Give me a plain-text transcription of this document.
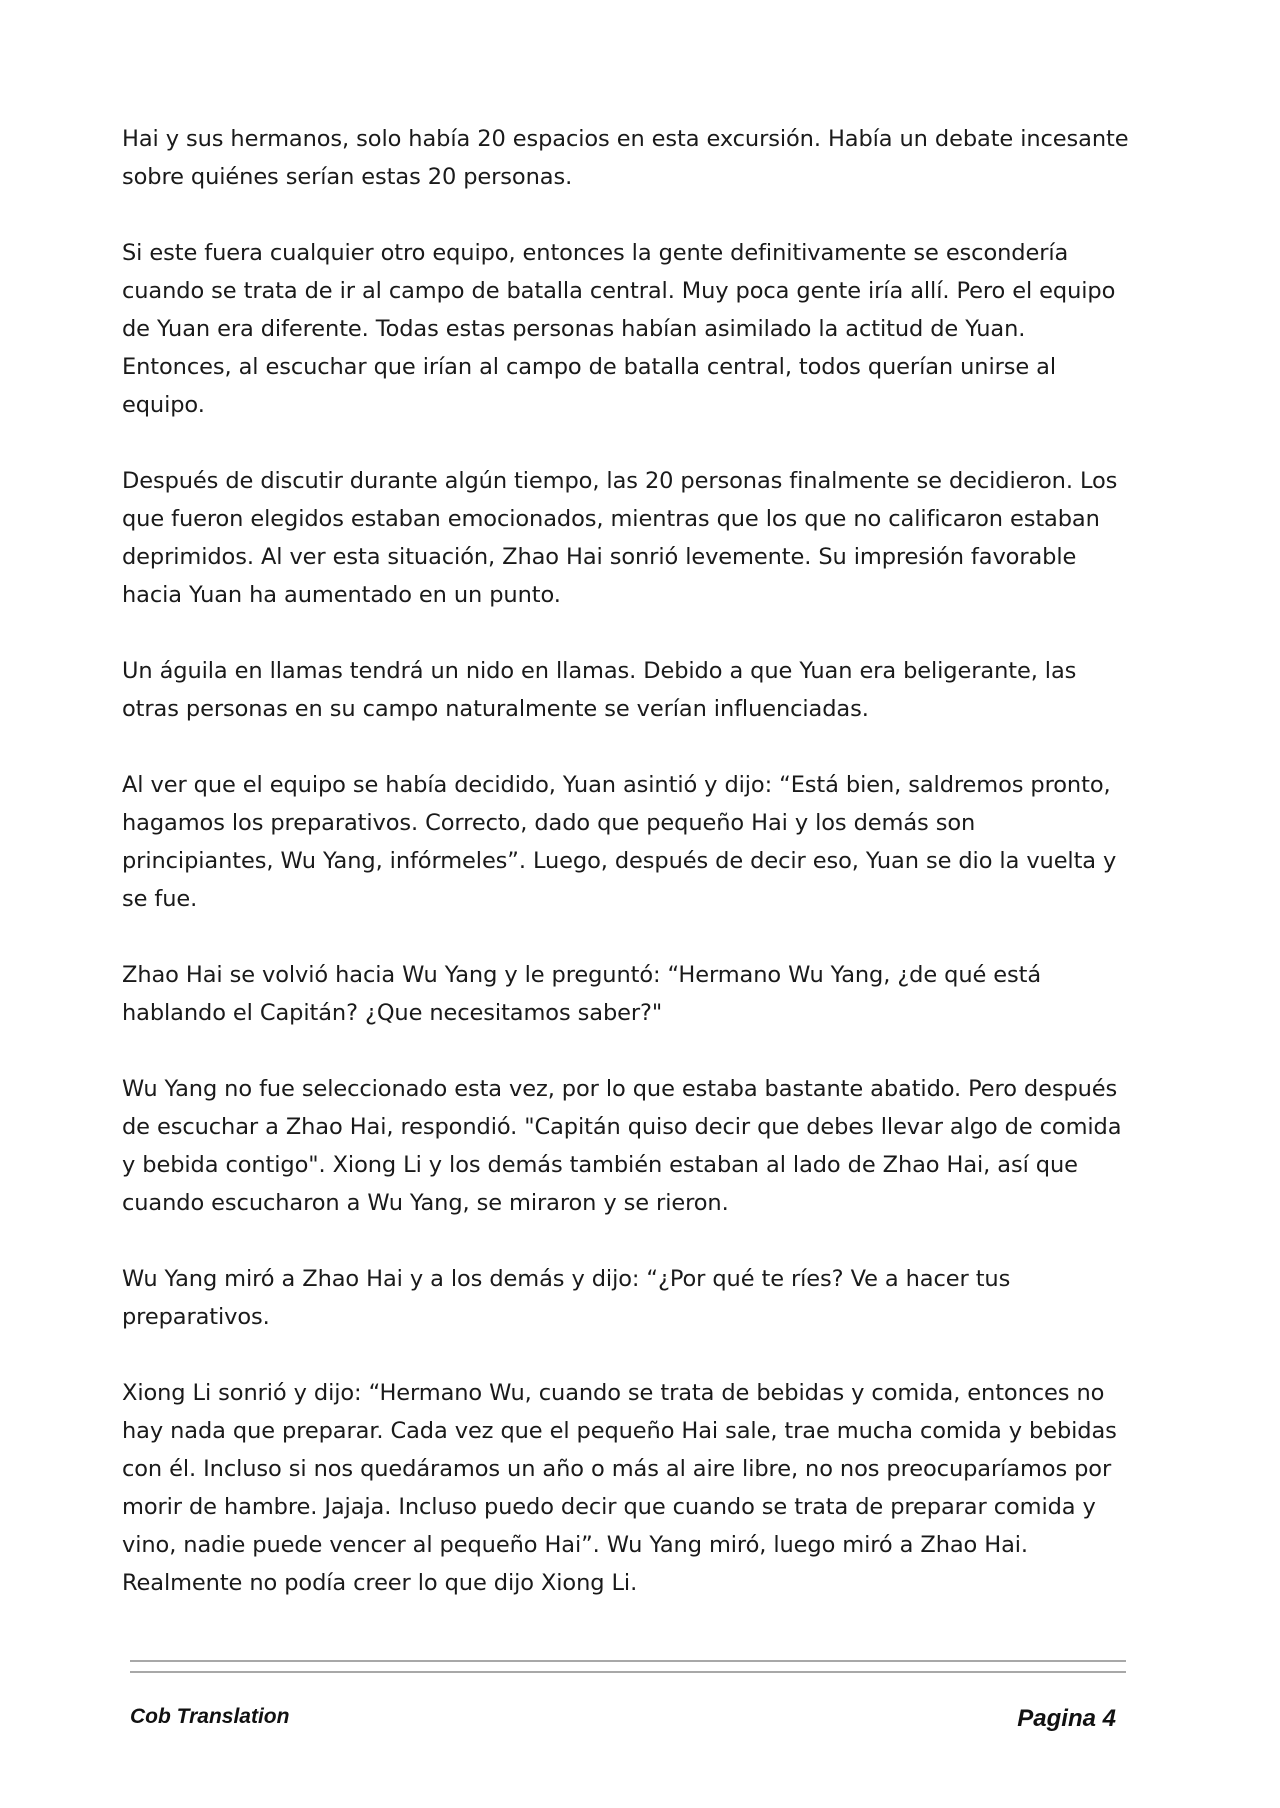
Hai y sus hermanos, solo había 20 espacios en esta excursión. Había un debate incesante sobre quiénes serían estas 20 personas.

Si este fuera cualquier otro equipo, entonces la gente definitivamente se escondería cuando se trata de ir al campo de batalla central. Muy poca gente iría allí. Pero el equipo de Yuan era diferente. Todas estas personas habían asimilado la actitud de Yuan. Entonces, al escuchar que irían al campo de batalla central, todos querían unirse al equipo.

Después de discutir durante algún tiempo, las 20 personas finalmente se decidieron. Los que fueron elegidos estaban emocionados, mientras que los que no calificaron estaban deprimidos. Al ver esta situación, Zhao Hai sonrió levemente. Su impresión favorable hacia Yuan ha aumentado en un punto.

Un águila en llamas tendrá un nido en llamas. Debido a que Yuan era beligerante, las otras personas en su campo naturalmente se verían influenciadas.

Al ver que el equipo se había decidido, Yuan asintió y dijo: “Está bien, saldremos pronto, hagamos los preparativos. Correcto, dado que pequeño Hai y los demás son principiantes, Wu Yang, infórmeles”. Luego, después de decir eso, Yuan se dio la vuelta y se fue.

Zhao Hai se volvió hacia Wu Yang y le preguntó: “Hermano Wu Yang, ¿de qué está hablando el Capitán? ¿Que necesitamos saber?"

Wu Yang no fue seleccionado esta vez, por lo que estaba bastante abatido. Pero después de escuchar a Zhao Hai, respondió. "Capitán quiso decir que debes llevar algo de comida y bebida contigo". Xiong Li y los demás también estaban al lado de Zhao Hai, así que cuando escucharon a Wu Yang, se miraron y se rieron.

Wu Yang miró a Zhao Hai y a los demás y dijo: “¿Por qué te ríes? Ve a hacer tus preparativos.

Xiong Li sonrió y dijo: “Hermano Wu, cuando se trata de bebidas y comida, entonces no hay nada que preparar. Cada vez que el pequeño Hai sale, trae mucha comida y bebidas con él. Incluso si nos quedáramos un año o más al aire libre, no nos preocuparíamos por morir de hambre. Jajaja. Incluso puedo decir que cuando se trata de preparar comida y vino, nadie puede vencer al pequeño Hai”. Wu Yang miró, luego miró a Zhao Hai. Realmente no podía creer lo que dijo Xiong Li.

Cob Translation	Pagina 4
